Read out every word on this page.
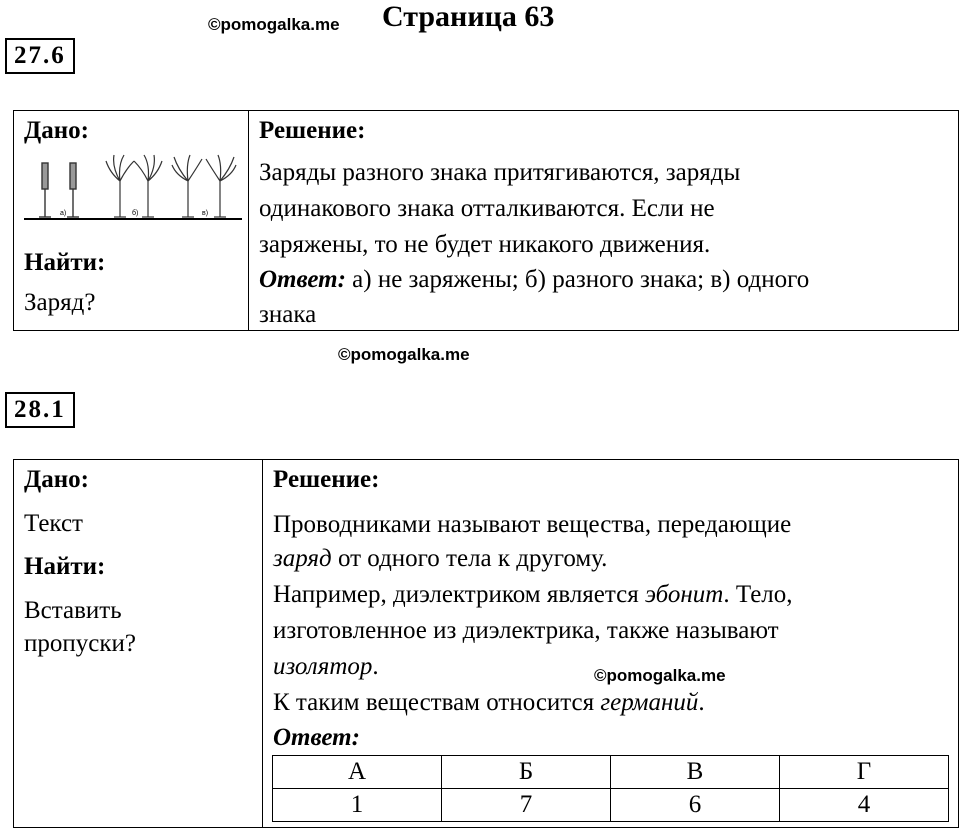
©pomogalka.me Страница 63
27.6
Дано:
а)	б)	в)
Найти:
Заряд?
Решение:
Заряды разного знака притягиваются, заряды
одинакового знака отталкиваются. Если не
заряжены, то не будет никакого движения.
Ответ: а) не заряжены; б) разного знака; в) одного
знака
©pomogalka.me
28.1
Дано:
Текст
Найти:
Вставить
пропуски?
Решение:
Проводниками называют вещества, передающие
заряд от одного тела к другому.
Например, диэлектриком является эбонит. Тело,
изготовленное из диэлектрика, также называют
изолятор.	©pomogalka.me
К таким веществам относится германий.
Ответ:
А	Б	В	Г
1	7	6	4
